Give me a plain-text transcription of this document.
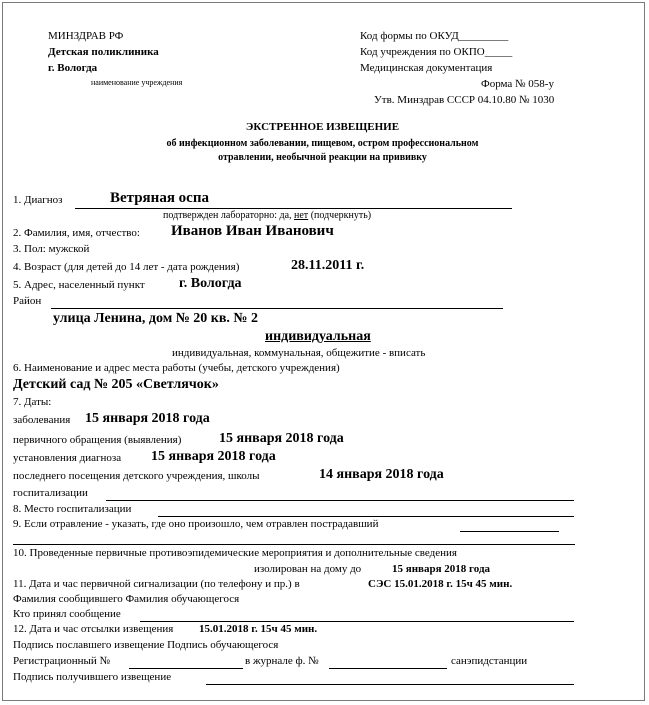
МИНЗДРАВ РФ
Детская поликлиника
г. Вологда
наименование учреждения
Код формы по ОКУД_________
Код учреждения по ОКПО_____
Медицинская документация
Форма № 058-у
Утв. Минздрав СССР 04.10.80 № 1030
ЭКСТРЕННОЕ ИЗВЕЩЕНИЕ
об инфекционном заболевании, пищевом, остром профессиональном
отравлении, необычной реакции на прививку
1. Диагноз	Ветряная оспа
подтвержден лабораторно: да, нет (подчеркнуть)
2. Фамилия, имя, отчество: Иванов Иван Иванович
3. Пол: мужской
4. Возраст (для детей до 14 лет - дата рождения)	28.11.2011 г.
5. Адрес, населенный пункт г. Вологда
Район
улица Ленина, дом № 20 кв. № 2
индивидуальная
индивидуальная, коммунальная, общежитие - вписать
6. Наименование и адрес места работы (учебы, детского учреждения)
Детский сад № 205 «Светлячок»
7. Даты:
заболевания 15 января 2018 года
первичного обращения (выявления)	15 января 2018 года
установления диагноза 15 января 2018 года
последнего посещения детского учреждения, школы	14 января 2018 года
госпитализации
8. Место госпитализации
9. Если отравление - указать, где оно произошло, чем отравлен пострадавший
10. Проведенные первичные противоэпидемические мероприятия и дополнительные сведения
изолирован на дому до	15 января 2018 года
11. Дата и час первичной сигнализации (по телефону и пр.) в	СЭС 15.01.2018 г. 15ч 45 мин.
Фамилия сообщившего Фамилия обучающегося
Кто принял сообщение
12. Дата и час отсылки извещения 15.01.2018 г. 15ч 45 мин.
Подпись пославшего извещение Подпись обучающегося
Регистрационный №	в журнале ф. №	санэпидстанции
Подпись получившего извещение
